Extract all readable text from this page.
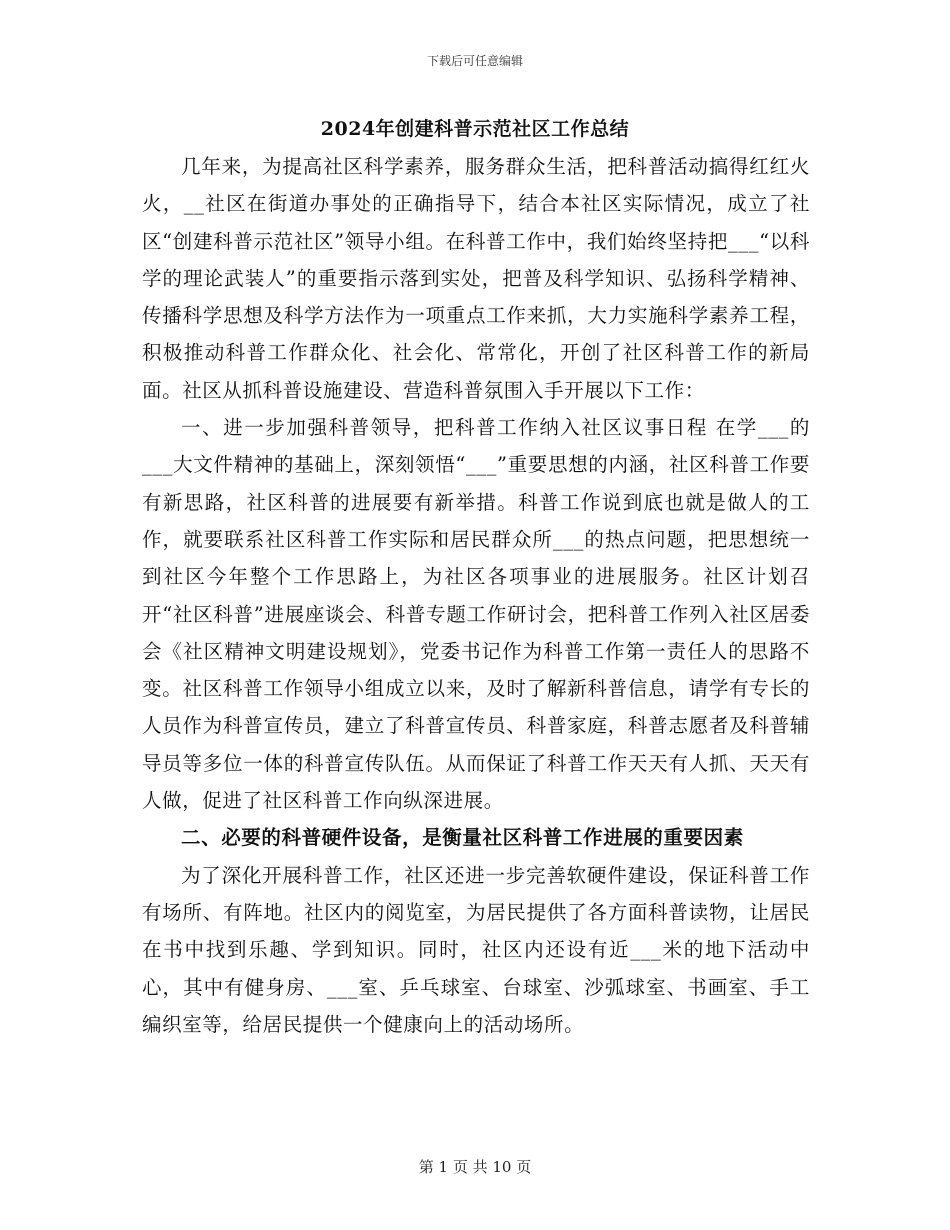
下载后可任意编辑
2024年创建科普示范社区工作总结

几年来，为提高社区科学素养，服务群众生活，把科普活动搞得红红火火，__社区在街道办事处的正确指导下，结合本社区实际情况，成立了社区“创建科普示范社区”领导小组。在科普工作中，我们始终坚持把___“以科学的理论武装人”的重要指示落到实处，把普及科学知识、弘扬科学精神、传播科学思想及科学方法作为一项重点工作来抓，大力实施科学素养工程，积极推动科普工作群众化、社会化、常常化，开创了社区科普工作的新局面。社区从抓科普设施建设、营造科普氛围入手开展以下工作：

一、进一步加强科普领导，把科普工作纳入社区议事日程 在学___的___大文件精神的基础上，深刻领悟“___”重要思想的内涵，社区科普工作要有新思路，社区科普的进展要有新举措。科普工作说到底也就是做人的工作，就要联系社区科普工作实际和居民群众所___的热点问题，把思想统一到社区今年整个工作思路上，为社区各项事业的进展服务。社区计划召开“社区科普”进展座谈会、科普专题工作研讨会，把科普工作列入社区居委会《社区精神文明建设规划》，党委书记作为科普工作第一责任人的思路不变。社区科普工作领导小组成立以来，及时了解新科普信息，请学有专长的人员作为科普宣传员，建立了科普宣传员、科普家庭，科普志愿者及科普辅导员等多位一体的科普宣传队伍。从而保证了科普工作天天有人抓、天天有人做，促进了社区科普工作向纵深进展。

二、必要的科普硬件设备，是衡量社区科普工作进展的重要因素

为了深化开展科普工作，社区还进一步完善软硬件建设，保证科普工作有场所、有阵地。社区内的阅览室，为居民提供了各方面科普读物，让居民在书中找到乐趣、学到知识。同时，社区内还设有近___米的地下活动中心，其中有健身房、___室、乒乓球室、台球室、沙弧球室、书画室、手工编织室等，给居民提供一个健康向上的活动场所。

第 1 页 共 10 页
